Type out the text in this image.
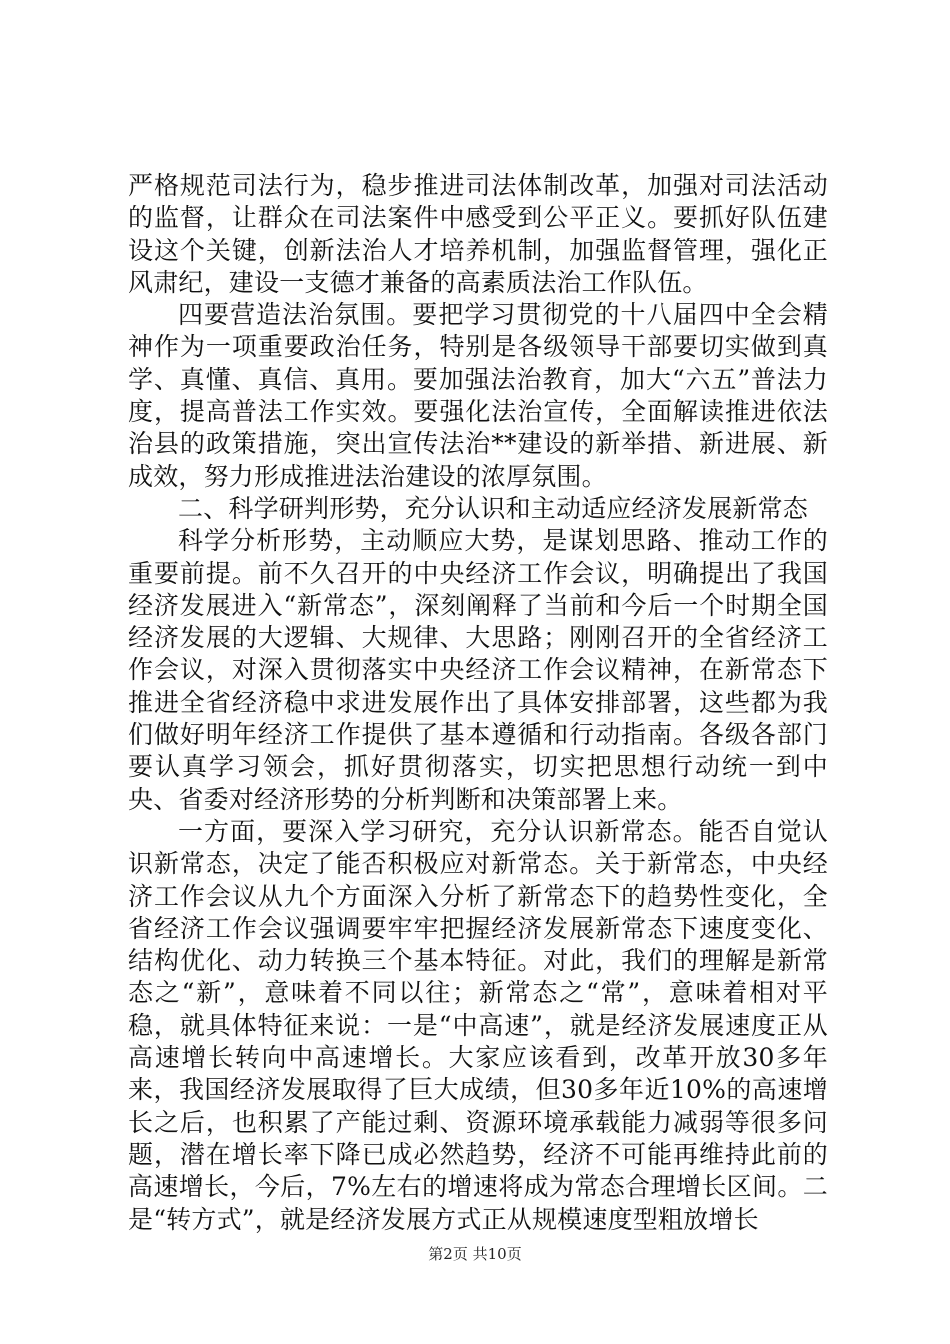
严格规范司法行为，稳步推进司法体制改革，加强对司法活动的监督，让群众在司法案件中感受到公平正义。要抓好队伍建设这个关键，创新法治人才培养机制，加强监督管理，强化正风肃纪，建设一支德才兼备的高素质法治工作队伍。

四要营造法治氛围。要把学习贯彻党的十八届四中全会精神作为一项重要政治任务，特别是各级领导干部要切实做到真学、真懂、真信、真用。要加强法治教育，加大“六五”普法力度，提高普法工作实效。要强化法治宣传，全面解读推进依法治县的政策措施，突出宣传法治**建设的新举措、新进展、新成效，努力形成推进法治建设的浓厚氛围。

二、科学研判形势，充分认识和主动适应经济发展新常态

科学分析形势，主动顺应大势，是谋划思路、推动工作的重要前提。前不久召开的中央经济工作会议，明确提出了我国经济发展进入“新常态”，深刻阐释了当前和今后一个时期全国经济发展的大逻辑、大规律、大思路；刚刚召开的全省经济工作会议，对深入贯彻落实中央经济工作会议精神，在新常态下推进全省经济稳中求进发展作出了具体安排部署，这些都为我们做好明年经济工作提供了基本遵循和行动指南。各级各部门要认真学习领会，抓好贯彻落实，切实把思想行动统一到中央、省委对经济形势的分析判断和决策部署上来。

一方面，要深入学习研究，充分认识新常态。能否自觉认识新常态，决定了能否积极应对新常态。关于新常态，中央经济工作会议从九个方面深入分析了新常态下的趋势性变化，全省经济工作会议强调要牢牢把握经济发展新常态下速度变化、结构优化、动力转换三个基本特征。对此，我们的理解是新常态之“新”，意味着不同以往；新常态之“常”，意味着相对平稳，就具体特征来说：一是“中高速”，就是经济发展速度正从高速增长转向中高速增长。大家应该看到，改革开放30多年来，我国经济发展取得了巨大成绩，但30多年近10%的高速增长之后，也积累了产能过剩、资源环境承载能力减弱等很多问题，潜在增长率下降已成必然趋势，经济不可能再维持此前的高速增长，今后，7%左右的增速将成为常态合理增长区间。二是“转方式”，就是经济发展方式正从规模速度型粗放增长

第2页 共10页
